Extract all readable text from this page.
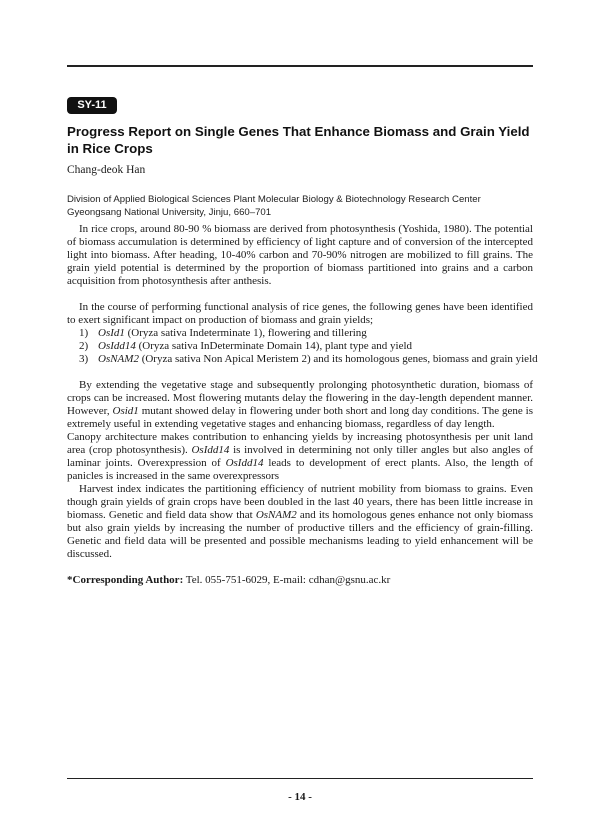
SY-11
Progress Report on Single Genes That Enhance Biomass and Grain Yield in Rice Crops
Chang-deok Han
Division of Applied Biological Sciences Plant Molecular Biology & Biotechnology Research Center Gyeongsang National University, Jinju, 660–701

In rice crops, around 80-90 % biomass are derived from photosynthesis (Yoshida, 1980). The potential of biomass accumulation is determined by efficiency of light capture and of conversion of the intercepted light into biomass. After heading, 10-40% carbon and 70-90% nitrogen are mobilized to fill grains. The grain yield potential is determined by the proportion of biomass partitioned into grains and a carbon acquisition from photosynthesis after anthesis.

In the course of performing functional analysis of rice genes, the following genes have been identified to exert significant impact on production of biomass and grain yields;

1) OsId1 (Oryza sativa Indeterminate 1), flowering and tillering
2) OsIdd14 (Oryza sativa InDeterminate Domain 14), plant type and yield
3) OsNAM2 (Oryza sativa Non Apical Meristem 2) and its homologous genes, biomass and grain yield

By extending the vegetative stage and subsequently prolonging photosynthetic duration, biomass of crops can be increased. Most flowering mutants delay the flowering in the day-length dependent manner. However, Osid1 mutant showed delay in flowering under both short and long day conditions. The gene is extremely useful in extending vegetative stages and enhancing biomass, regardless of day length.

Canopy architecture makes contribution to enhancing yields by increasing photosynthesis per unit land area (crop photosynthesis). OsIdd14 is involved in determining not only tiller angles but also angles of laminar joints. Overexpression of OsIdd14 leads to development of erect plants. Also, the length of panicles is increased in the same overexpressors

Harvest index indicates the partitioning efficiency of nutrient mobility from biomass to grains. Even though grain yields of grain crops have been doubled in the last 40 years, there has been little increase in biomass. Genetic and field data show that OsNAM2 and its homologous genes enhance not only biomass but also grain yields by increasing the number of productive tillers and the efficiency of grain-filling. Genetic and field data will be presented and possible mechanisms leading to yield enhancement will be discussed.

*Corresponding Author: Tel. 055-751-6029, E-mail: cdhan@gsnu.ac.kr

- 14 -
